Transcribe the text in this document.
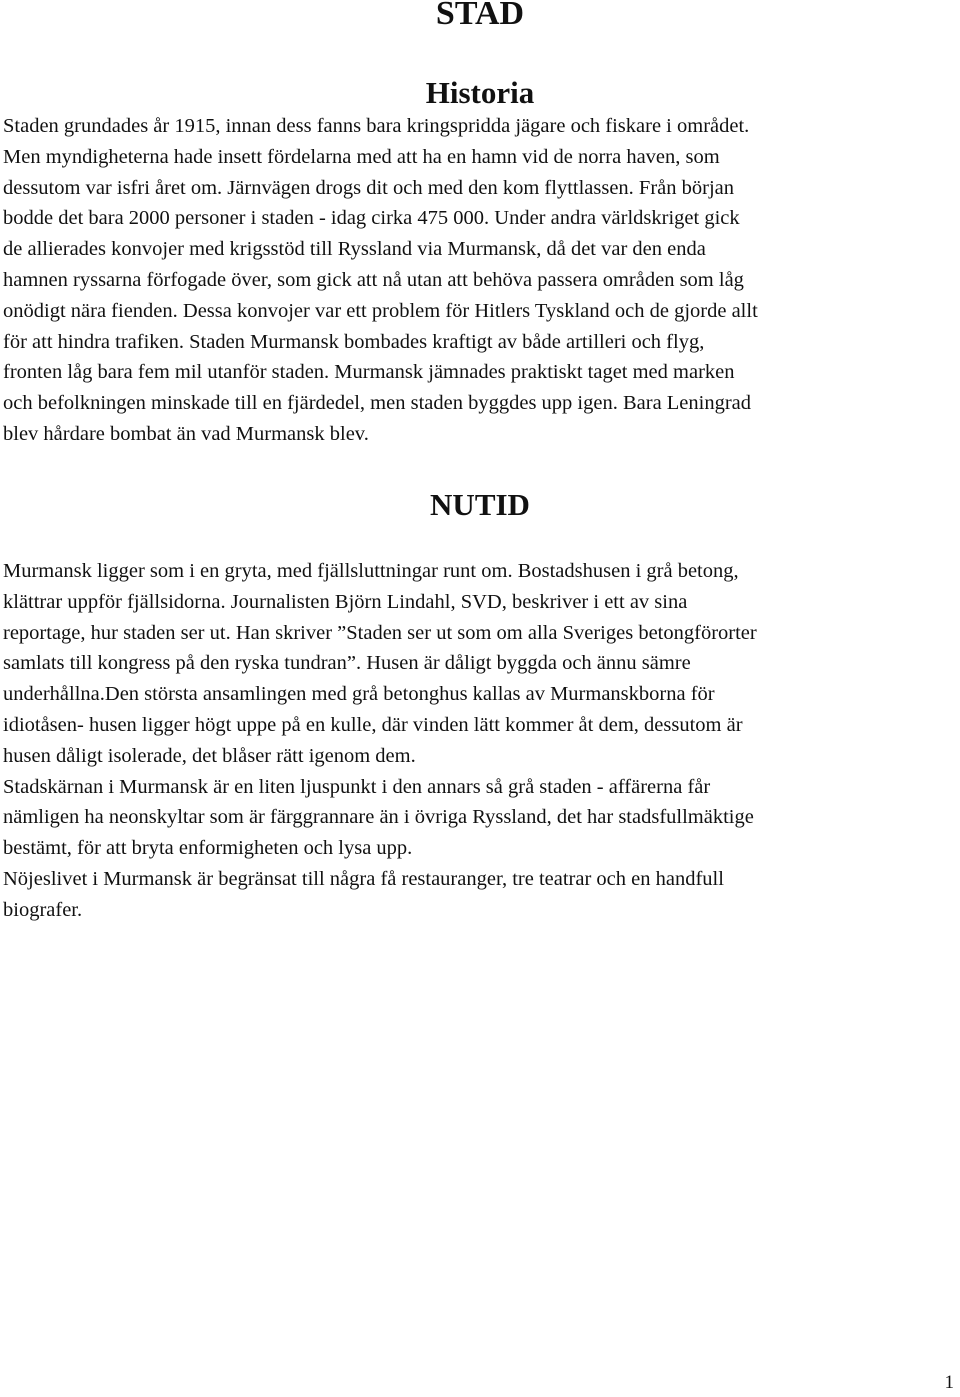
STAD
Historia

Staden grundades år 1915, innan dess fanns bara kringspridda jägare och fiskare i området.
Men myndigheterna hade insett fördelarna med att ha en hamn vid de norra haven, som
dessutom var isfri året om. Järnvägen drogs dit och med den kom flyttlassen. Från början
bodde det bara 2000 personer i staden - idag cirka 475 000. Under andra världskriget gick
de allierades konvojer med krigsstöd till Ryssland via Murmansk, då det var den enda
hamnen ryssarna förfogade över, som gick att nå utan att behöva passera områden som låg
onödigt nära fienden. Dessa konvojer var ett problem för Hitlers Tyskland och de gjorde allt
för att hindra trafiken. Staden Murmansk bombades kraftigt av både artilleri och flyg,
fronten låg bara fem mil utanför staden. Murmansk jämnades praktiskt taget med marken
och befolkningen minskade till en fjärdedel, men staden byggdes upp igen. Bara Leningrad
blev hårdare bombat än vad Murmansk blev.

NUTID

Murmansk ligger som i en gryta, med fjällsluttningar runt om. Bostadshusen i grå betong,
klättrar uppför fjällsidorna. Journalisten Björn Lindahl, SVD, beskriver i ett av sina
reportage, hur staden ser ut. Han skriver ”Staden ser ut som om alla Sveriges betongförorter
samlats till kongress på den ryska tundran”. Husen är dåligt byggda och ännu sämre
underhållna.Den största ansamlingen med grå betonghus kallas av Murmanskborna för
idiotåsen- husen ligger högt uppe på en kulle, där vinden lätt kommer åt dem, dessutom är
husen dåligt isolerade, det blåser rätt igenom dem.
Stadskärnan i Murmansk är en liten ljuspunkt i den annars så grå staden - affärerna får
nämligen ha neonskyltar som är färggrannare än i övriga Ryssland, det har stadsfullmäktige
bestämt, för att bryta enformigheten och lysa upp.
Nöjeslivet i Murmansk är begränsat till några få restauranger, tre teatrar och en handfull
biografer.

1
